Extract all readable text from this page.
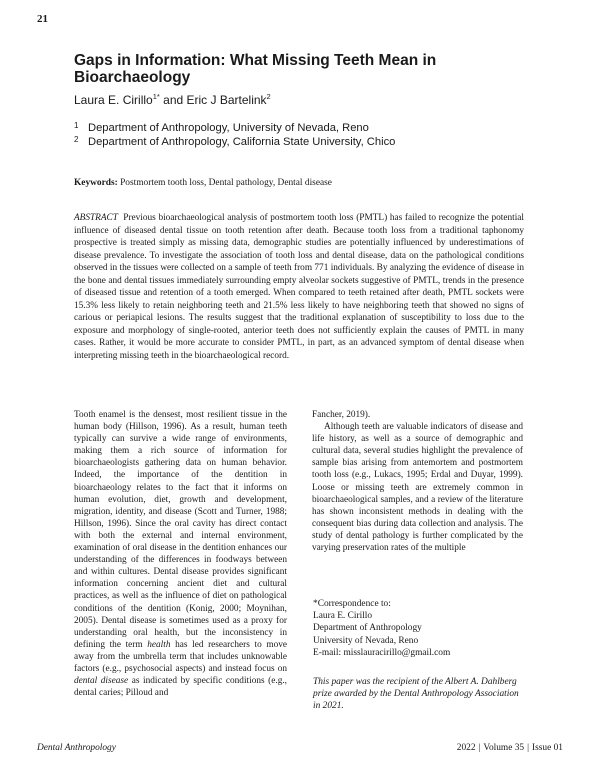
21
Gaps in Information: What Missing Teeth Mean in Bioarchaeology
Laura E. Cirillo$^{1*}$ and Eric J Bartelink$^2$
1 Department of Anthropology, University of Nevada, Reno
2 Department of Anthropology, California State University, Chico
Keywords: Postmortem tooth loss, Dental pathology, Dental disease

ABSTRACT Previous bioarchaeological analysis of postmortem tooth loss (PMTL) has failed to recognize the potential influence of diseased dental tissue on tooth retention after death. Because tooth loss from a traditional taphonomy prospective is treated simply as missing data, demographic studies are potentially influenced by underestimations of disease prevalence. To investigate the association of tooth loss and dental disease, data on the pathological conditions observed in the tissues were collected on a sample of teeth from 771 individuals. By analyzing the evidence of disease in the bone and dental tissues immediately surrounding empty alveolar sockets suggestive of PMTL, trends in the presence of diseased tissue and retention of a tooth emerged. When compared to teeth retained after death, PMTL sockets were 15.3% less likely to retain neighboring teeth and 21.5% less likely to have neighboring teeth that showed no signs of carious or periapical lesions. The results suggest that the traditional explanation of susceptibility to loss due to the exposure and morphology of single-rooted, anterior teeth does not sufficiently explain the causes of PMTL in many cases. Rather, it would be more accurate to consider PMTL, in part, as an advanced symptom of dental disease when interpreting missing teeth in the bioarchaeological record.

Tooth enamel is the densest, most resilient tissue in the human body (Hillson, 1996). As a result, human teeth typically can survive a wide range of environments, making them a rich source of information for bioarchaeologists gathering data on human behavior. Indeed, the importance of the dentition in bioarchaeology relates to the fact that it informs on human evolution, diet, growth and development, migration, identity, and disease (Scott and Turner, 1988; Hillson, 1996). Since the oral cavity has direct contact with both the external and internal environment, examination of oral disease in the dentition enhances our understanding of the differences in foodways between and within cultures. Dental disease provides significant information concerning ancient diet and cultural practices, as well as the influence of diet on pathological conditions of the dentition (Konig, 2000; Moynihan, 2005). Dental disease is sometimes used as a proxy for understanding oral health, but the inconsistency in defining the term health has led researchers to move away from the umbrella term that includes unknowable factors (e.g., psychosocial aspects) and instead focus on dental disease as indicated by specific conditions (e.g., dental caries; Pilloud and

Fancher, 2019).

Although teeth are valuable indicators of disease and life history, as well as a source of demographic and cultural data, several studies highlight the prevalence of sample bias arising from antemortem and postmortem tooth loss (e.g., Lukacs, 1995; Erdal and Duyar, 1999). Loose or missing teeth are extremely common in bioarchaeological samples, and a review of the literature has shown inconsistent methods in dealing with the consequent bias during data collection and analysis. The study of dental pathology is further complicated by the varying preservation rates of the multiple

*Correspondence to:
Laura E. Cirillo
Department of Anthropology
University of Nevada, Reno
E-mail: misslauracirillo@gmail.com

This paper was the recipient of the Albert A. Dahlberg prize awarded by the Dental Anthropology Association in 2021.

Dental Anthropology	2022 | Volume 35 | Issue 01
